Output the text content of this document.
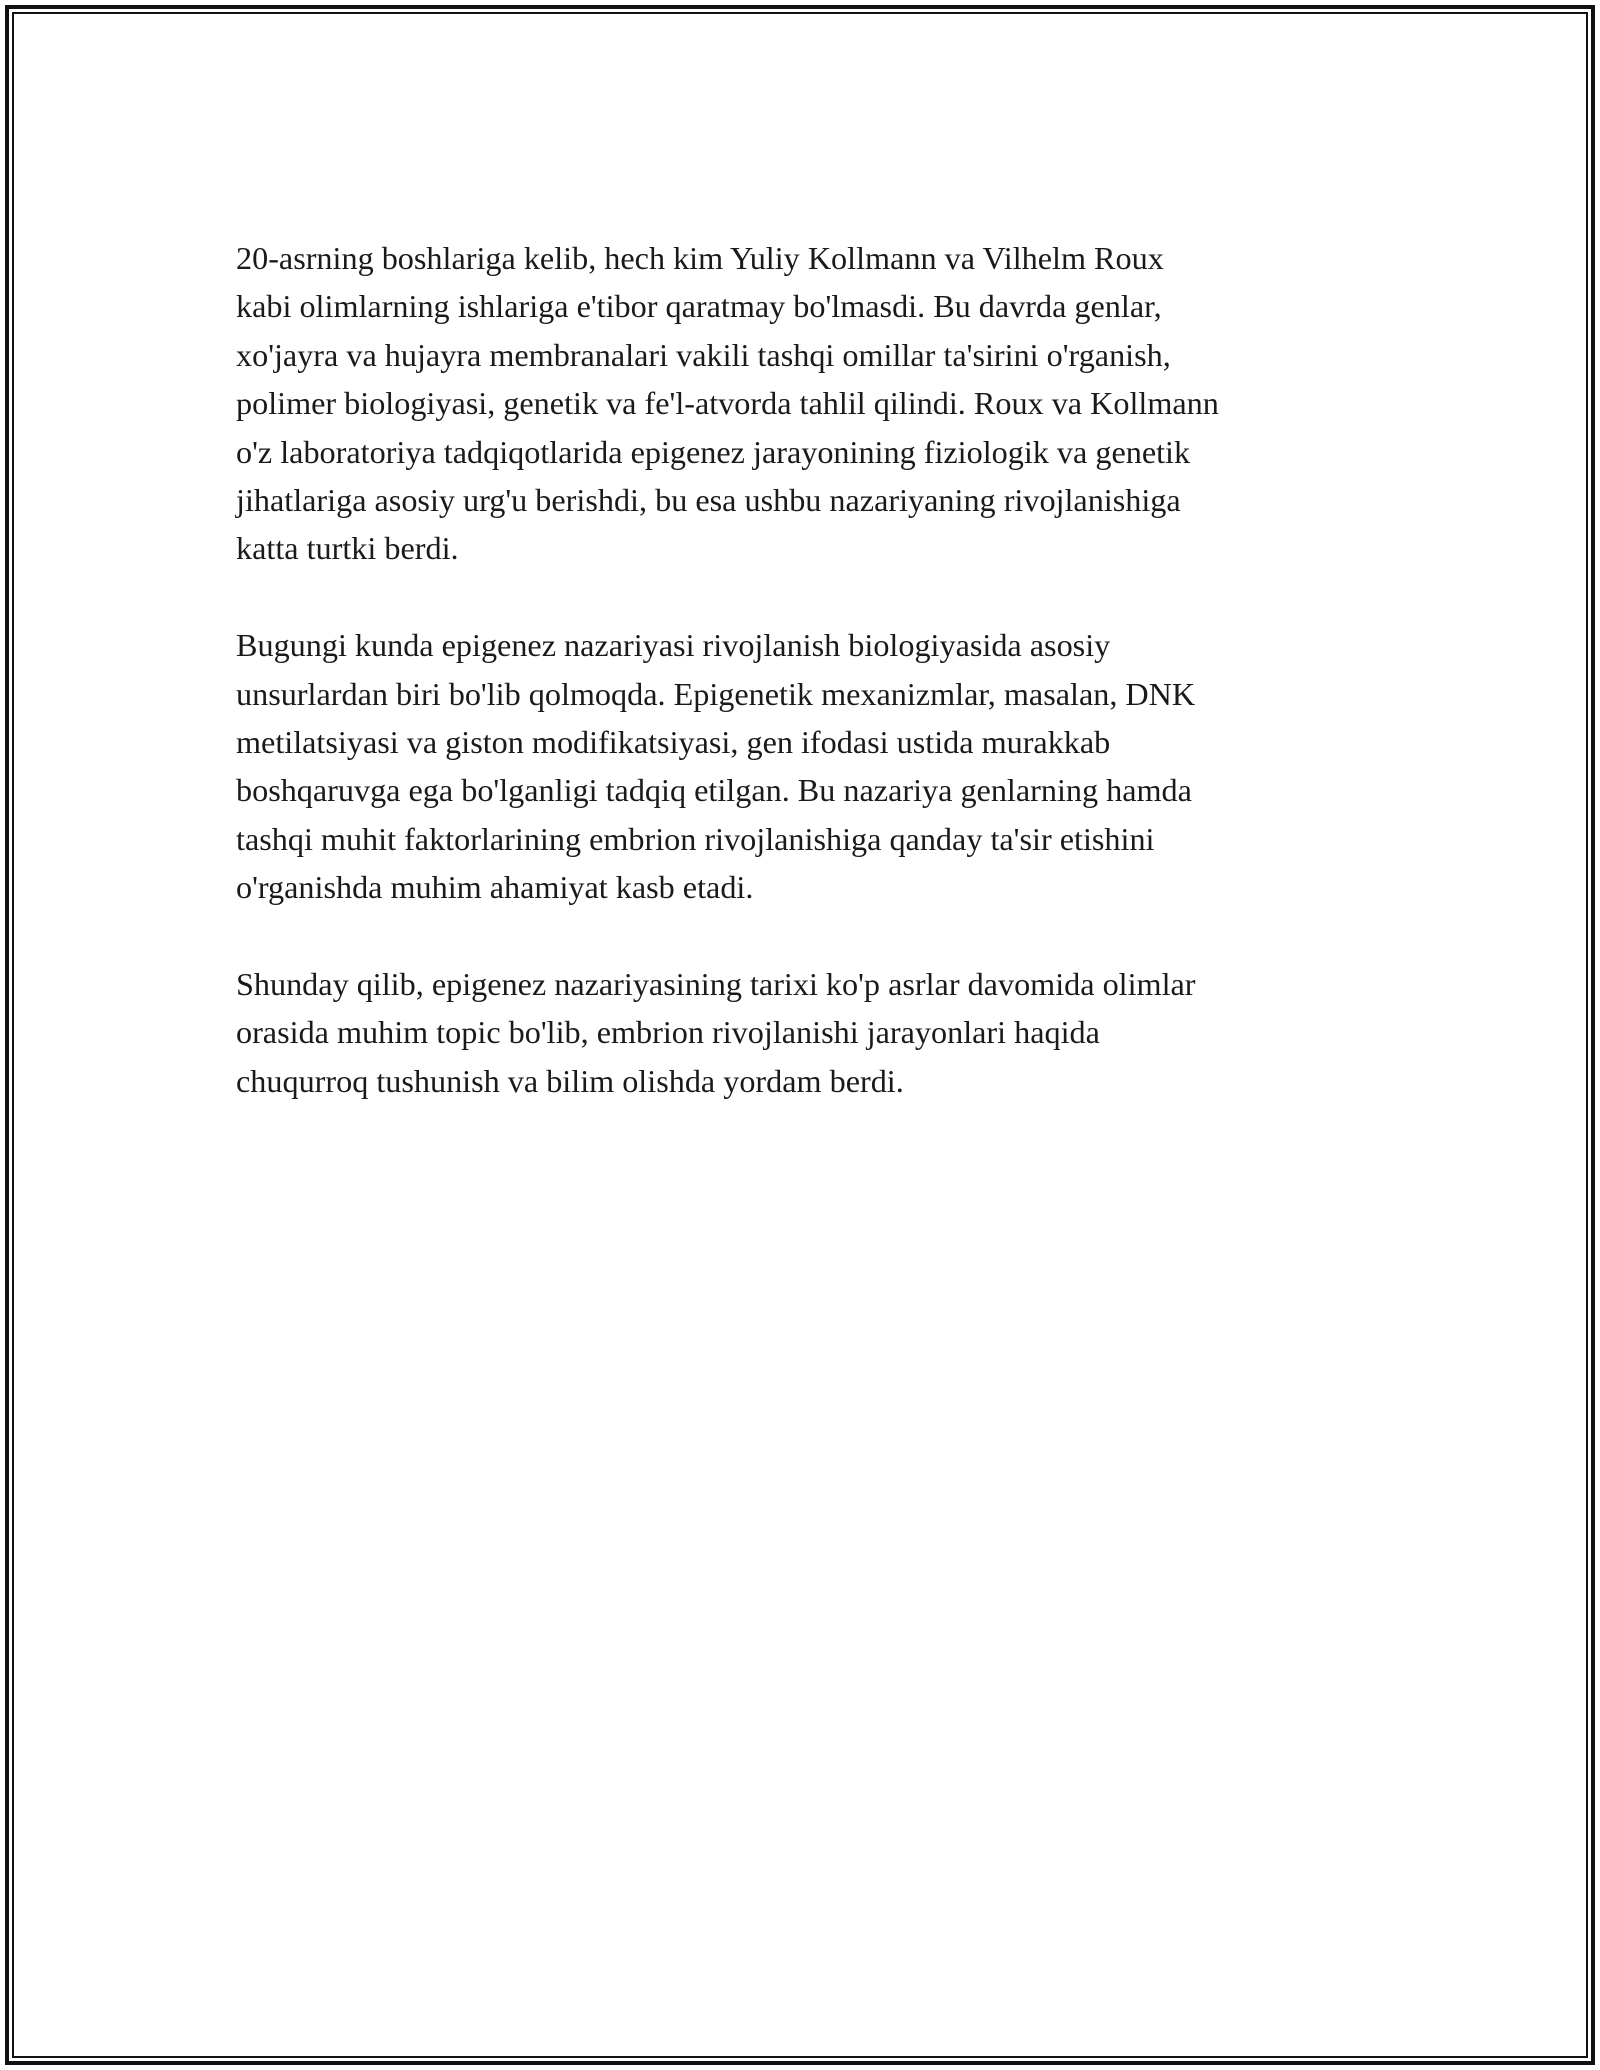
20-asrning boshlariga kelib, hech kim Yuliy Kollmann va Vilhelm Roux
kabi olimlarning ishlariga e'tibor qaratmay bo'lmasdi. Bu davrda genlar,
xo'jayra va hujayra membranalari vakili tashqi omillar ta'sirini o'rganish,
polimer biologiyasi, genetik va fe'l-atvorda tahlil qilindi. Roux va Kollmann
o'z laboratoriya tadqiqotlarida epigenez jarayonining fiziologik va genetik
jihatlariga asosiy urg'u berishdi, bu esa ushbu nazariyaning rivojlanishiga
katta turtki berdi.

Bugungi kunda epigenez nazariyasi rivojlanish biologiyasida asosiy
unsurlardan biri bo'lib qolmoqda. Epigenetik mexanizmlar, masalan, DNK
metilatsiyasi va giston modifikatsiyasi, gen ifodasi ustida murakkab
boshqaruvga ega bo'lganligi tadqiq etilgan. Bu nazariya genlarning hamda
tashqi muhit faktorlarining embrion rivojlanishiga qanday ta'sir etishini
o'rganishda muhim ahamiyat kasb etadi.

Shunday qilib, epigenez nazariyasining tarixi ko'p asrlar davomida olimlar
orasida muhim topic bo'lib, embrion rivojlanishi jarayonlari haqida
chuqurroq tushunish va bilim olishda yordam berdi.
